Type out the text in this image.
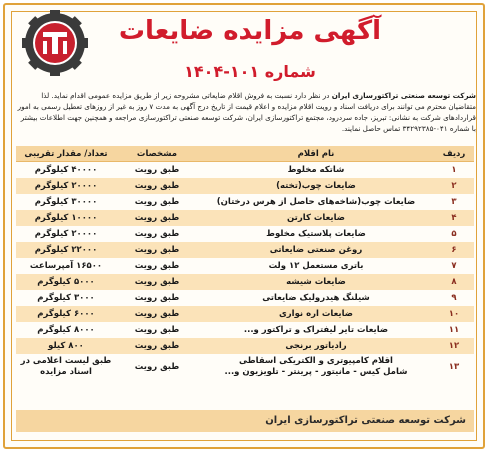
آگهی مزایده ضایعات
شماره ۱۰۱-۱۴۰۴
شرکت توسعه صنعتی تراکتورسازی ایران در نظر دارد نسبت به فروش اقلام ضایعاتی مشروحه زیر از طریق مزایده عمومی اقدام نماید. لذا متقاضیان محترم می توانند برای دریافت اسناد و رویت اقلام مزایده و اعلام قیمت از تاریخ درج آگهی به مدت ۷ روز به غیر از روزهای تعطیل رسمی به امور قراردادهای شرکت به نشانی: تبریز، جاده سردرود، مجتمع تراکتورسازی ایران، شرکت توسعه صنعتی تراکتورسازی مراجعه و همچنین جهت اطلاعات بیشتر با شماره ۰۴۱-۳۴۲۹۲۳۸۵ تماس حاصل نمایند.
ردیف	نام اقلام	مشخصات	تعداد/ مقدار تقریبی
۱	شاتکه مخلوط	طبق رویت	۴۰۰۰۰ کیلوگرم
۲	ضایعات چوب(تخته)	طبق رویت	۲۰۰۰۰ کیلوگرم
۳	ضایعات چوب(شاخه‌های حاصل از هرس درختان)	طبق رویت	۳۰۰۰۰ کیلوگرم
۴	ضایعات کارتن	طبق رویت	۱۰۰۰۰ کیلوگرم
۵	ضایعات پلاستیک مخلوط	طبق رویت	۲۰۰۰۰ کیلوگرم
۶	روغن صنعتی ضایعاتی	طبق رویت	۲۲۰۰۰ کیلوگرم
۷	باتری مستعمل ۱۲ ولت	طبق رویت	۱۶۵۰۰ آمپرساعت
۸	ضایعات شیشه	طبق رویت	۵۰۰۰ کیلوگرم
۹	شیلنگ هیدرولیک ضایعاتی	طبق رویت	۳۰۰۰ کیلوگرم
۱۰	ضایعات اره نواری	طبق رویت	۶۰۰۰ کیلوگرم
۱۱	ضایعات تایر لیفتراک و تراکتور و...	طبق رویت	۸۰۰۰ کیلوگرم
۱۲	رادیاتور برنجی	طبق رویت	۸۰۰ کیلو
۱۳	اقلام کامپیوتری و الکتریکی اسقاطی
شامل کیس - مانیتور - پرینتر - تلویزیون و...	طبق رویت	طبق لیست اعلامی در اسناد مزایده
شرکت توسعه صنعتی تراکتورسازی ایران
